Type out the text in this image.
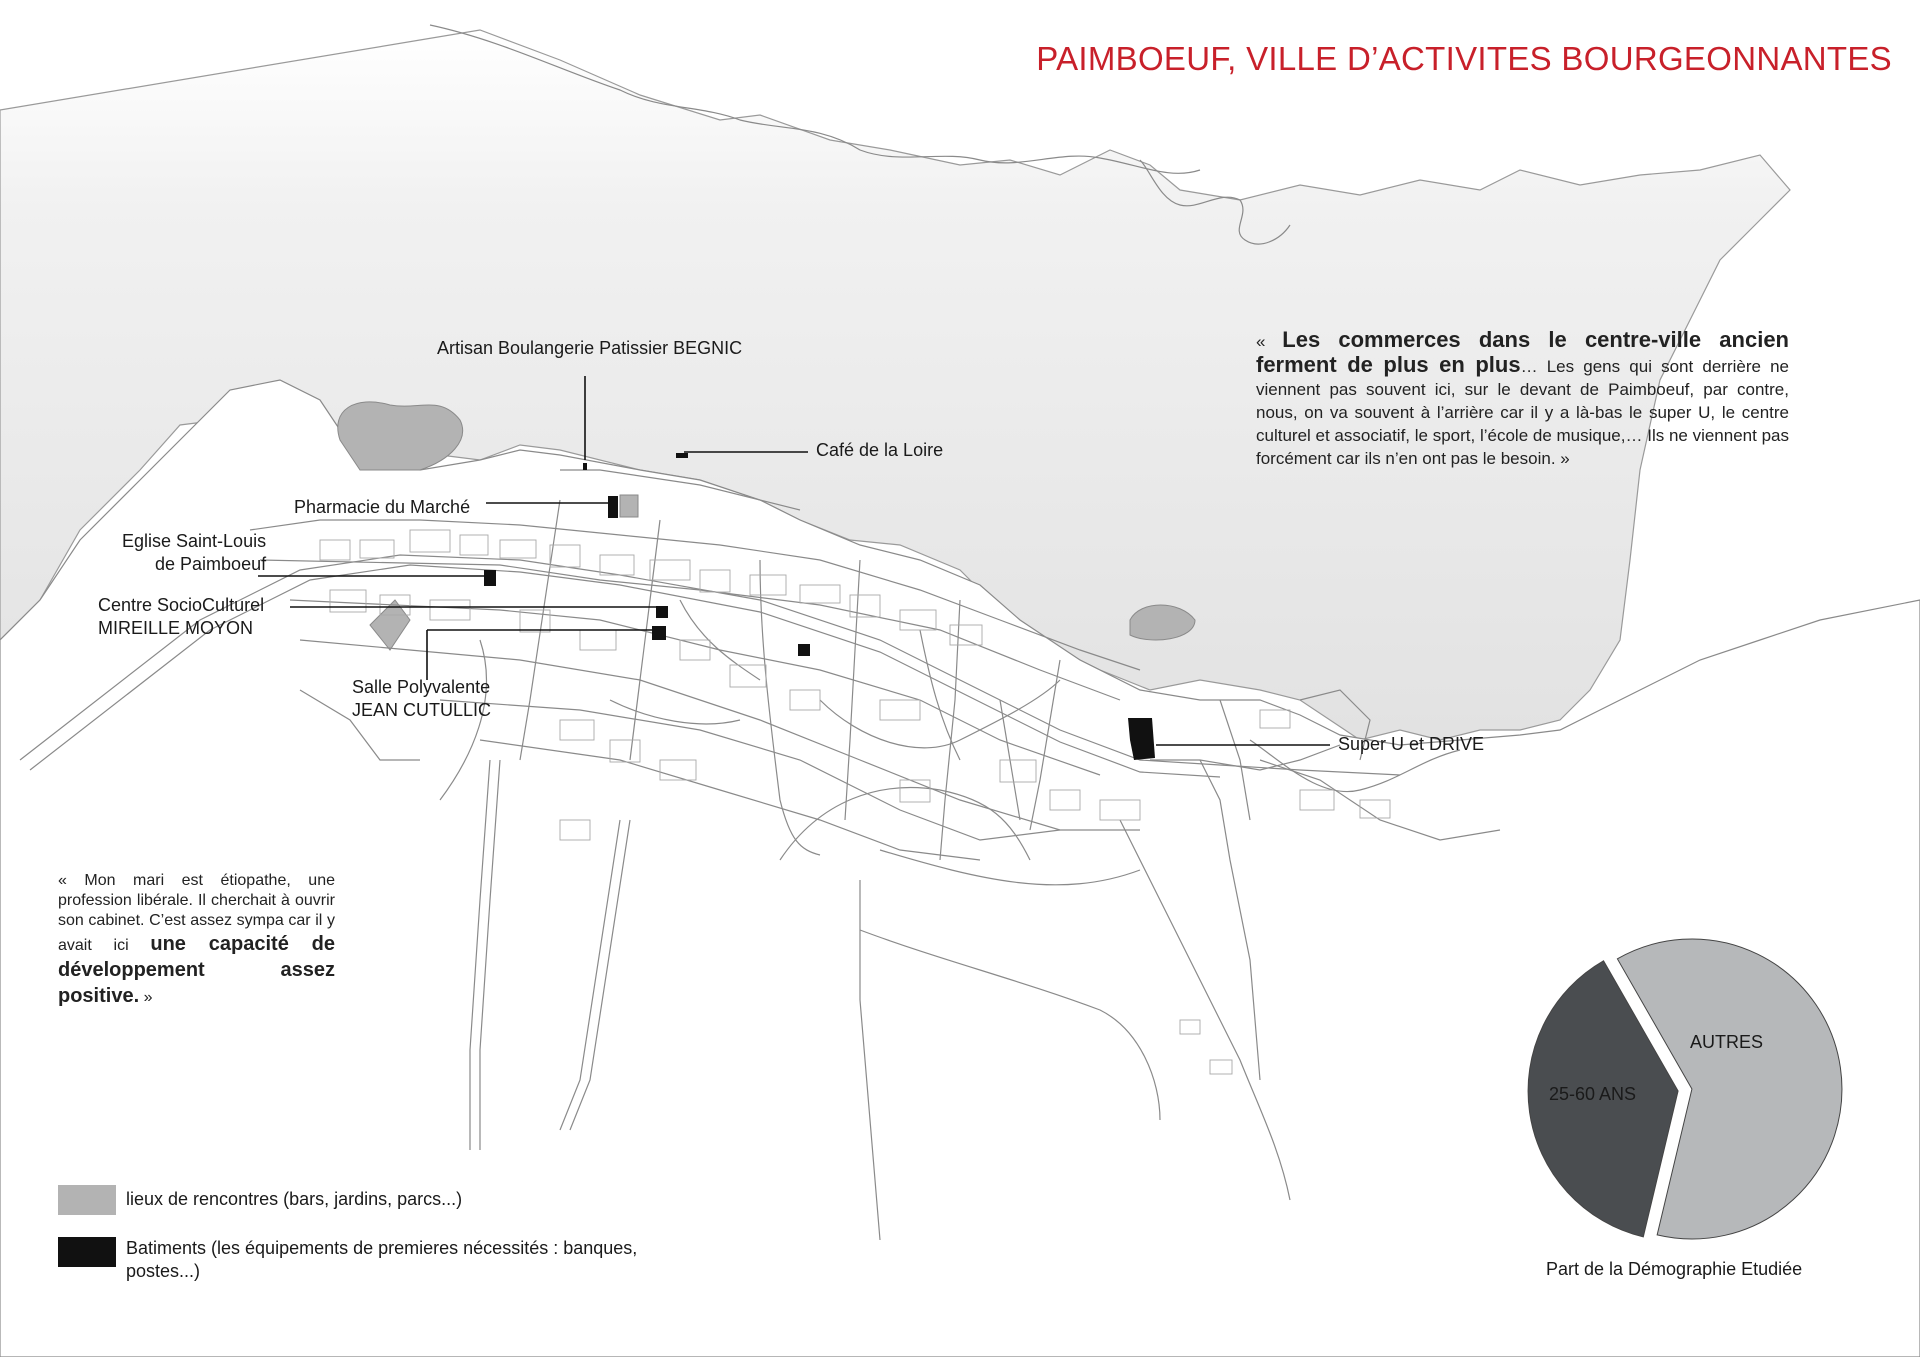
PAIMBOEUF, VILLE D’ACTIVITES BOURGEONNANTES
Artisan Boulangerie Patissier BEGNIC
Café de la Loire
Pharmacie du Marché
Eglise Saint-Louis
de Paimboeuf
Centre SocioCulturel
MIREILLE MOYON
Salle Polyvalente
JEAN CUTULLIC
Super U et DRIVE
« Les commerces dans le centre-ville ancien ferment de plus en plus… Les gens qui sont derrière ne viennent pas souvent ici, sur le devant de Paimboeuf, par contre, nous, on va souvent à l’arrière car il y a là-bas le super U, le centre culturel et associatif, le sport, l’école de musique,… Ils ne viennent pas forcément car ils n’en ont pas le besoin. »
« Mon mari est étiopathe, une profession libérale. Il cherchait à ouvrir son cabinet. C’est assez sympa car il y avait ici une capacité de développement assez positive. »
lieux de rencontres (bars, jardins, parcs...)
Batiments (les équipements de premieres nécessités : banques, postes...)
AUTRES
25-60 ANS
Part de la Démographie Etudiée
